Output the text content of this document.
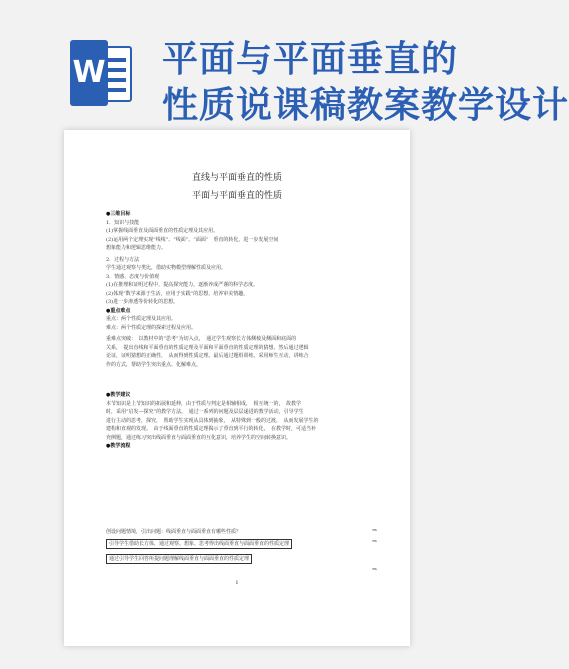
W 平面与平面垂直的
性质说课稿教案教学设计
直线与平面垂直的性质
平面与平面垂直的性质

●三维目标

1．知识与技能

(1)掌握线面垂直及面面垂直的性质定理及其应用。

(2)运用两个定理实现“线线”、“线面”、“面面”　垂直的转化，进一步发展空间

想象能力和逻辑思维能力。

2．过程与方法

学生通过观察与类比，借助实物模型理解性质及应用。

3．情感、态度与价值观

(1)在推理和证明过程中，提高探究能力，逐渐养成严谨的科学态度。

(2)体现“数学来源于生活，应用于实践”的思想，培养审美情趣。

(3)进一步渗透等价转化的思想。

●重点难点

重点：两个性质定理及其应用。

难点：两个性质定理的探索过程及应用。

重难点突破：　以教材中的“思考”为切入点，　通过学生观察长方体侧棱及侧面和底面的

关系，　提出直线和平面垂直的性质定理及平面和平面垂直的性质定理的猜想，然后通过逻辑

论证，证明猜想的正确性，　从而得到性质定理。最后通过题组训练，采用师生互动，讲练合

作的方式，帮助学生突出重点、化解难点。

●教学建议

本节知识是上节知识的拓展和延伸，由于性质与判定是相辅相成，　相互统一的，　故教学

时，采用“启发—探究”的教学方法，　通过一系列的问题及层层递进的教学活动，引导学生

进行主动的思考，探究，　帮助学生实现从具体到抽象，　从特殊到一般的过渡，　从而发展学生的

建构和直观的发现。　由于线面垂直的性质定理揭示了垂直到平行的转化，　在教学时，可适当补

充例题，通过练习突出线面垂直与面面垂直的互化意识，培养学生的空间转换意识。

●教学流程

创设问题情境，引出问题：线面垂直与面面垂直有哪些性质？	⇒
引导学生借助长方体，通过观察、想象、思考得出线面垂直与面面垂直的性质定理	⇒
通过引导学生回答所提问题理解线面垂直与面面垂直的性质定理
⇒
1
